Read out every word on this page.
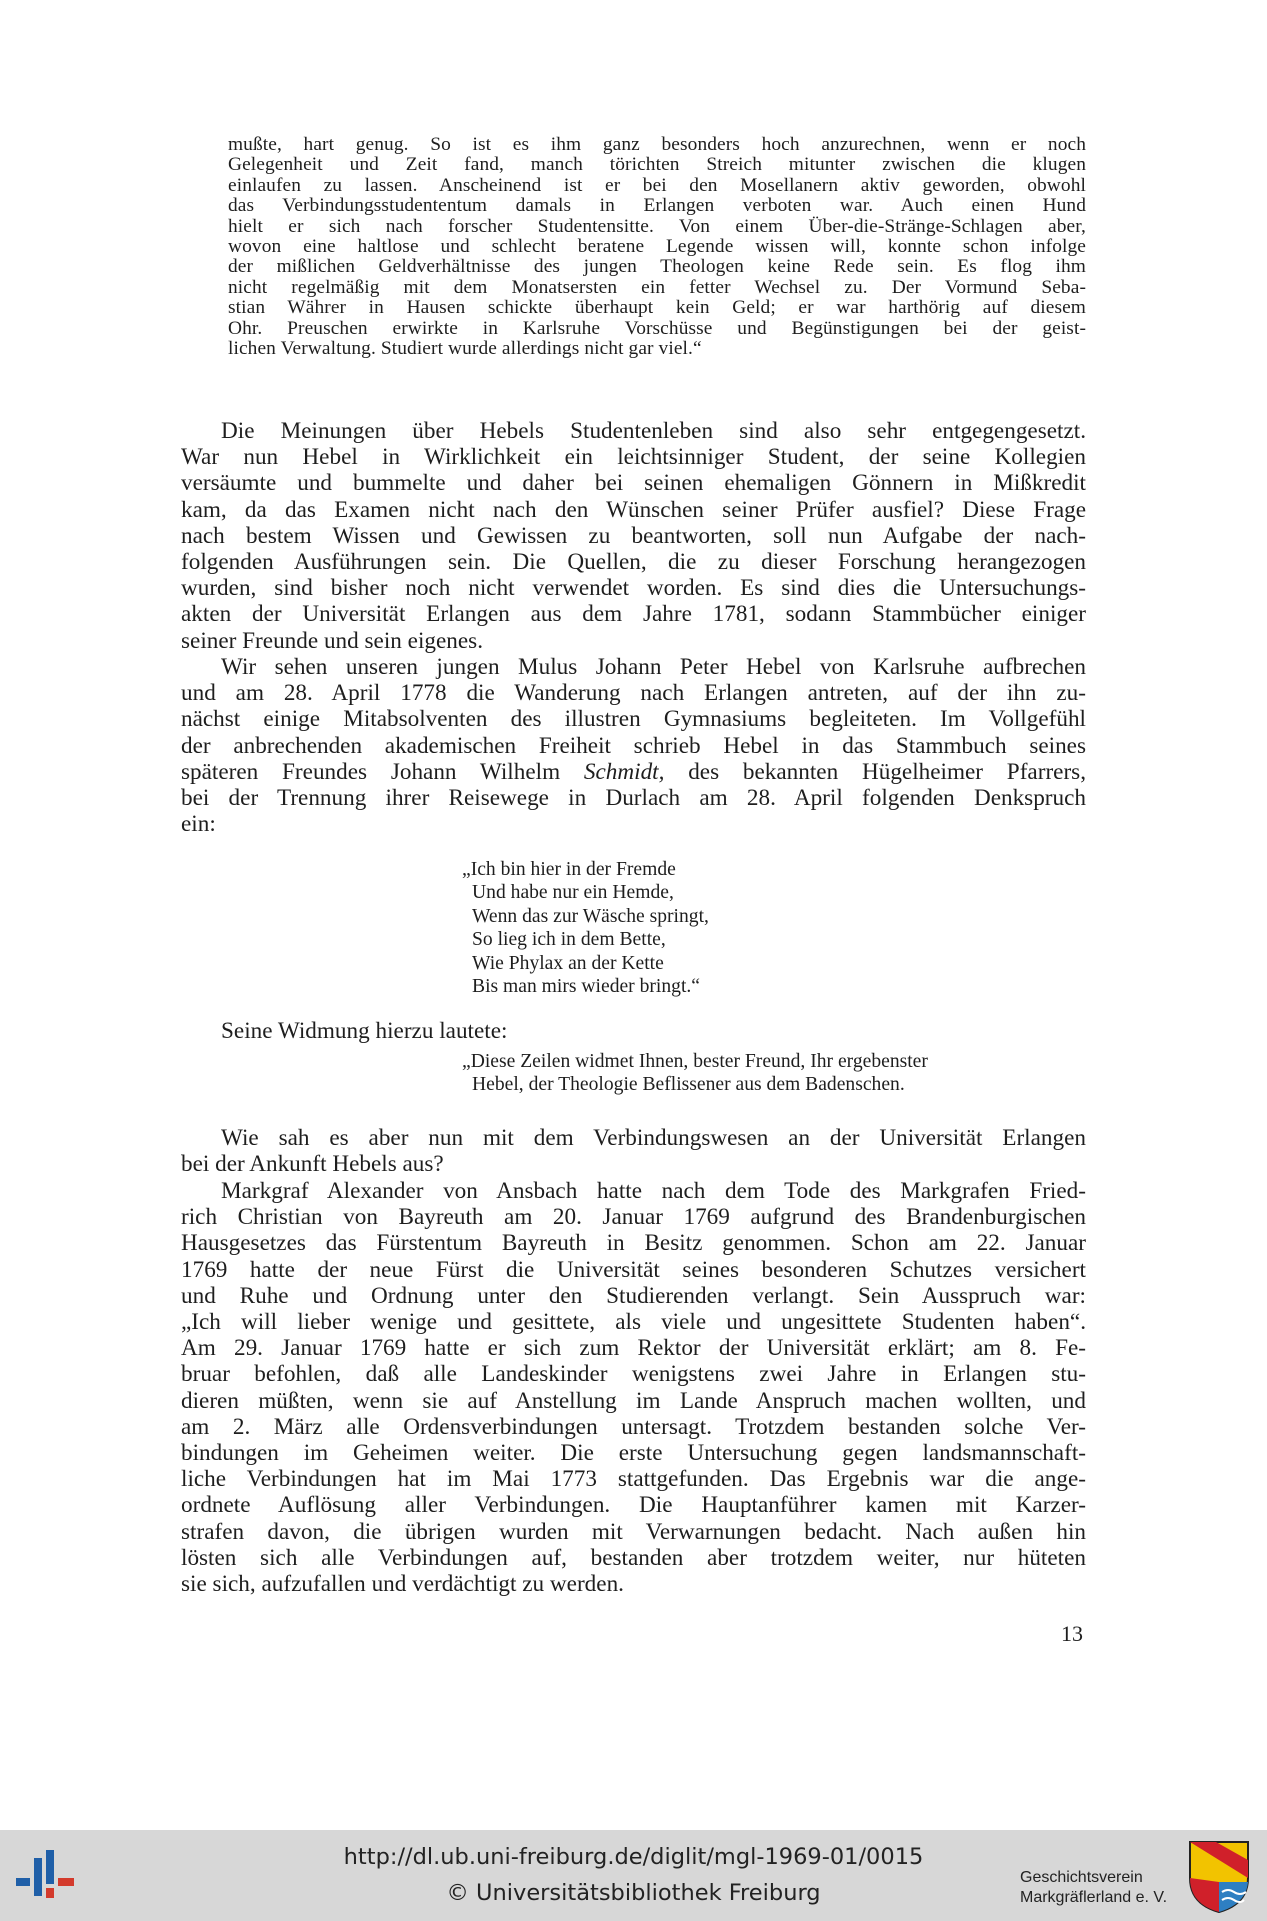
mußte, hart genug. So ist es ihm ganz besonders hoch anzurechnen, wenn er noch
Gelegenheit und Zeit fand, manch törichten Streich mitunter zwischen die klugen
einlaufen zu lassen. Anscheinend ist er bei den Mosellanern aktiv geworden, obwohl
das Verbindungsstudententum damals in Erlangen verboten war. Auch einen Hund
hielt er sich nach forscher Studentensitte. Von einem Über-die-Stränge-Schlagen aber,
wovon eine haltlose und schlecht beratene Legende wissen will, konnte schon infolge
der mißlichen Geldverhältnisse des jungen Theologen keine Rede sein. Es flog ihm
nicht regelmäßig mit dem Monatsersten ein fetter Wechsel zu. Der Vormund Seba-
stian Währer in Hausen schickte überhaupt kein Geld; er war harthörig auf diesem
Ohr. Preuschen erwirkte in Karlsruhe Vorschüsse und Begünstigungen bei der geist-
lichen Verwaltung. Studiert wurde allerdings nicht gar viel.“
Die Meinungen über Hebels Studentenleben sind also sehr entgegengesetzt.
War nun Hebel in Wirklichkeit ein leichtsinniger Student, der seine Kollegien
versäumte und bummelte und daher bei seinen ehemaligen Gönnern in Mißkredit
kam, da das Examen nicht nach den Wünschen seiner Prüfer ausfiel? Diese Frage
nach bestem Wissen und Gewissen zu beantworten, soll nun Aufgabe der nach-
folgenden Ausführungen sein. Die Quellen, die zu dieser Forschung herangezogen
wurden, sind bisher noch nicht verwendet worden. Es sind dies die Untersuchungs-
akten der Universität Erlangen aus dem Jahre 1781, sodann Stammbücher einiger
seiner Freunde und sein eigenes.
Wir sehen unseren jungen Mulus Johann Peter Hebel von Karlsruhe aufbrechen
und am 28. April 1778 die Wanderung nach Erlangen antreten, auf der ihn zu-
nächst einige Mitabsolventen des illustren Gymnasiums begleiteten. Im Vollgefühl
der anbrechenden akademischen Freiheit schrieb Hebel in das Stammbuch seines
späteren Freundes Johann Wilhelm Schmidt, des bekannten Hügelheimer Pfarrers,
bei der Trennung ihrer Reisewege in Durlach am 28. April folgenden Denkspruch
ein:
„Ich bin hier in der Fremde
Und habe nur ein Hemde,
Wenn das zur Wäsche springt,
So lieg ich in dem Bette,
Wie Phylax an der Kette
Bis man mirs wieder bringt.“
Seine Widmung hierzu lautete:
„Diese Zeilen widmet Ihnen, bester Freund, Ihr ergebenster
Hebel, der Theologie Beflissener aus dem Badenschen.
Wie sah es aber nun mit dem Verbindungswesen an der Universität Erlangen
bei der Ankunft Hebels aus?
Markgraf Alexander von Ansbach hatte nach dem Tode des Markgrafen Fried-
rich Christian von Bayreuth am 20. Januar 1769 aufgrund des Brandenburgischen
Hausgesetzes das Fürstentum Bayreuth in Besitz genommen. Schon am 22. Januar
1769 hatte der neue Fürst die Universität seines besonderen Schutzes versichert
und Ruhe und Ordnung unter den Studierenden verlangt. Sein Ausspruch war:
„Ich will lieber wenige und gesittete, als viele und ungesittete Studenten haben“.
Am 29. Januar 1769 hatte er sich zum Rektor der Universität erklärt; am 8. Fe-
bruar befohlen, daß alle Landeskinder wenigstens zwei Jahre in Erlangen stu-
dieren müßten, wenn sie auf Anstellung im Lande Anspruch machen wollten, und
am 2. März alle Ordensverbindungen untersagt. Trotzdem bestanden solche Ver-
bindungen im Geheimen weiter. Die erste Untersuchung gegen landsmannschaft-
liche Verbindungen hat im Mai 1773 stattgefunden. Das Ergebnis war die ange-
ordnete Auflösung aller Verbindungen. Die Hauptanführer kamen mit Karzer-
strafen davon, die übrigen wurden mit Verwarnungen bedacht. Nach außen hin
lösten sich alle Verbindungen auf, bestanden aber trotzdem weiter, nur hüteten
sie sich, aufzufallen und verdächtigt zu werden.
13
http://dl.ub.uni-freiburg.de/diglit/mgl-1969-01/0015
© Universitätsbibliothek Freiburg
Geschichtsverein
Markgräflerland e. V.
